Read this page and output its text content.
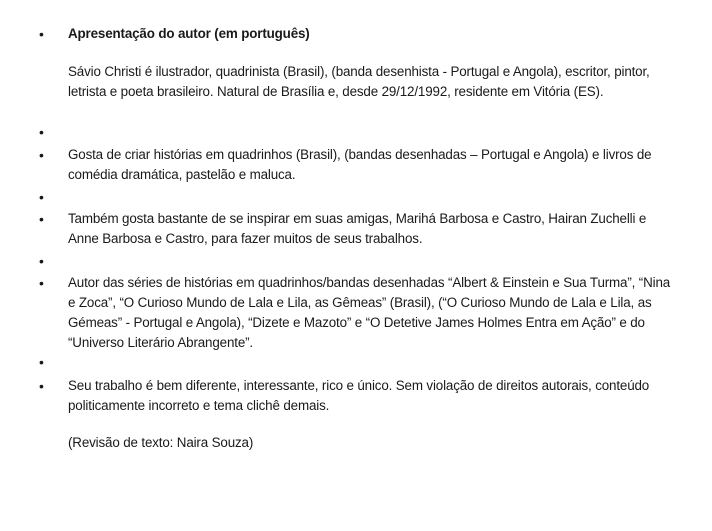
•	Apresentação do autor (em português)
Sávio Christi é ilustrador, quadrinista (Brasil), (banda desenhista - Portugal e Angola), escritor, pintor, letrista e poeta brasileiro. Natural de Brasília e, desde 29/12/1992, residente em Vitória (ES).
•
•	Gosta de criar histórias em quadrinhos (Brasil), (bandas desenhadas – Portugal e Angola) e livros de comédia dramática, pastelão e maluca.
•
•	Também gosta bastante de se inspirar em suas amigas, Marihá Barbosa e Castro, Hairan Zuchelli e Anne Barbosa e Castro, para fazer muitos de seus trabalhos.
•
•	Autor das séries de histórias em quadrinhos/bandas desenhadas “Albert & Einstein e Sua Turma”, “Nina e Zoca”, “O Curioso Mundo de Lala e Lila, as Gêmeas” (Brasil), (“O Curioso Mundo de Lala e Lila, as Gémeas” - Portugal e Angola), “Dizete e Mazoto” e “O Detetive James Holmes Entra em Ação” e do “Universo Literário Abrangente”.
•
•	Seu trabalho é bem diferente, interessante, rico e único. Sem violação de direitos autorais, conteúdo politicamente incorreto e tema clichê demais.
(Revisão de texto: Naira Souza)
